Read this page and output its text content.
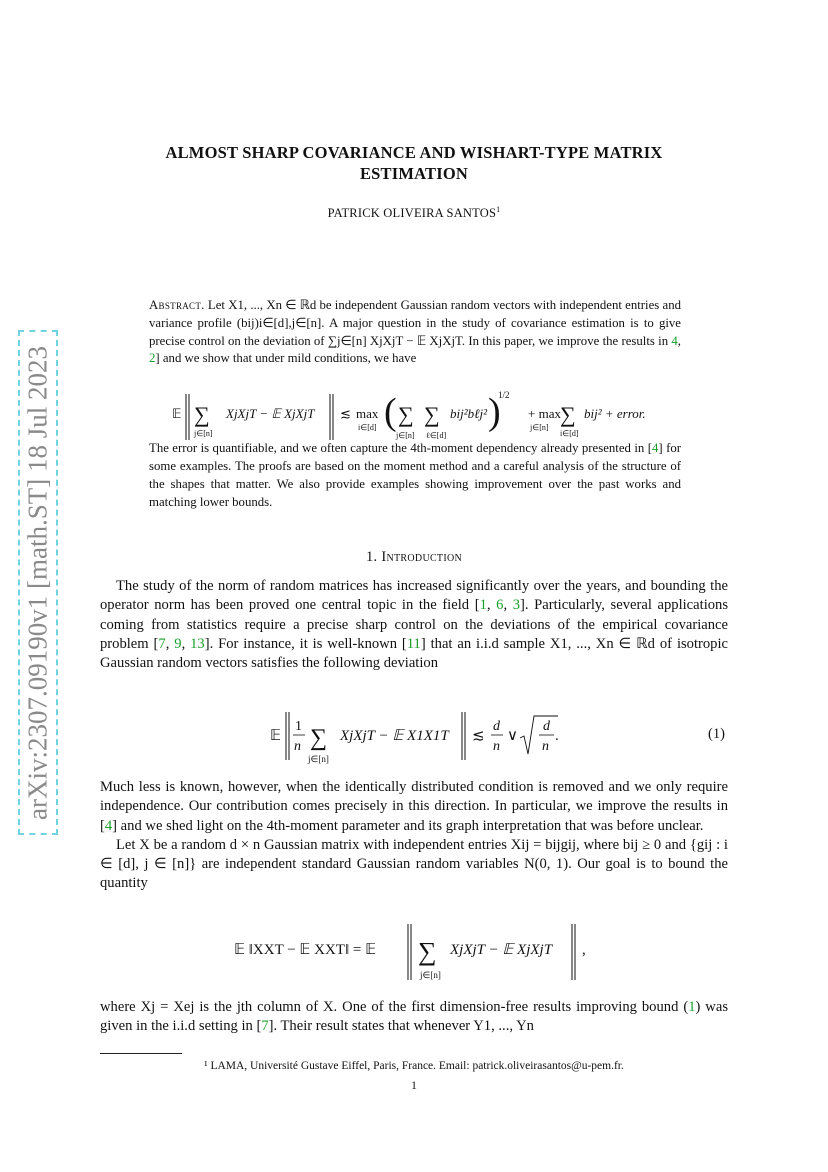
arXiv:2307.09190v1 [math.ST] 18 Jul 2023
ALMOST SHARP COVARIANCE AND WISHART-TYPE MATRIX
ESTIMATION
PATRICK OLIVEIRA SANTOS$^1$

Abstract. Let X1, ..., Xn ∈ ℝd be independent Gaussian random vectors with independent entries and variance profile (bij)i∈[d],j∈[n]. A major question in the study of covariance estimation is to give precise control on the deviation of ∑j∈[n] XjXjT − 𝔼 XjXjT. In this paper, we improve the results in 4, 2] and we show that under mild conditions, we have

The error is quantifiable, and we often capture the 4th-moment dependency already presented in [4] for some examples. The proofs are based on the moment method and a careful analysis of the structure of the shapes that matter. We also provide examples showing improvement over the past works and matching lower bounds.

𝔼 ∑
j∈[n]
XjXjT − 𝔼 XjXjT ≲ max
i∈[d] ( ∑ ∑
j∈[n] ℓ∈[d]
bij²bℓj² )
1/2
+ max
j∈[n]
∑
i∈[d]
bij² + error.
1. Introduction

The study of the norm of random matrices has increased significantly over the years, and bounding the operator norm has been proved one central topic in the field [1, 6, 3]. Particularly, several applications coming from statistics require a precise sharp control on the deviations of the empirical covariance problem [7, 9, 13]. For instance, it is well-known [11] that an i.i.d sample X1, ..., Xn ∈ ℝd of isotropic Gaussian random vectors satisfies the following deviation

𝔼
1
n ∑
j∈[n]
XjXjT − 𝔼 X1X1T ≲
d
n
∨
d
n
.	(1)

Much less is known, however, when the identically distributed condition is removed and we only require independence. Our contribution comes precisely in this direction. In particular, we improve the results in [4] and we shed light on the 4th-moment parameter and its graph interpretation that was before unclear.

Let X be a random d × n Gaussian matrix with independent entries Xij = bijgij, where bij ≥ 0 and {gij : i ∈ [d], j ∈ [n]} are independent standard Gaussian random variables N(0, 1). Our goal is to bound the quantity

𝔼 ‖XXT − 𝔼 XXT‖ = 𝔼 ∑
j∈[n]
XjXjT − 𝔼 XjXjT ,

where Xj = Xej is the jth column of X. One of the first dimension-free results improving bound (1) was given in the i.i.d setting in [7]. Their result states that whenever Y1, ..., Yn

¹ LAMA, Université Gustave Eiffel, Paris, France. Email: patrick.oliveirasantos@u-pem.fr.
1
